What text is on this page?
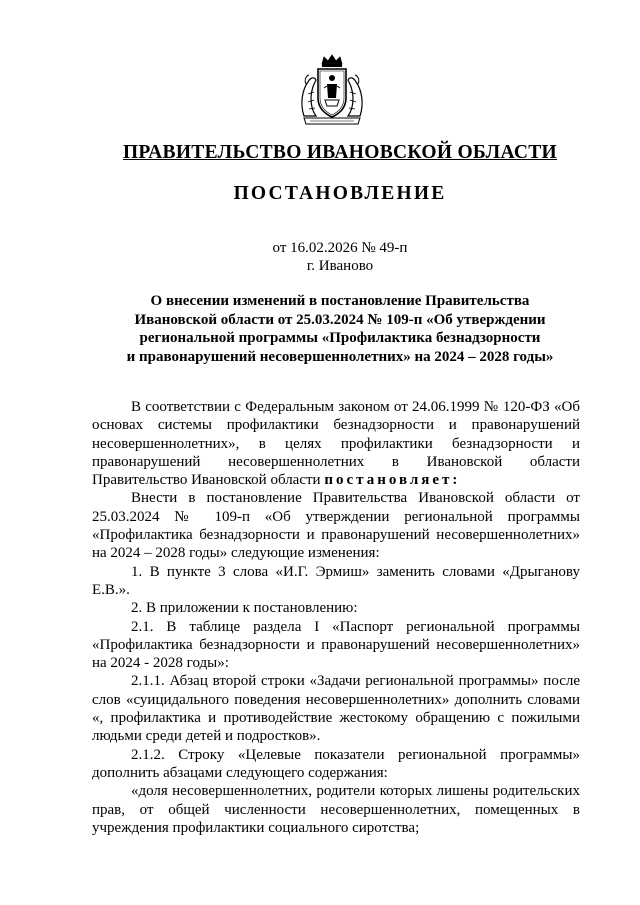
ПРАВИТЕЛЬСТВО ИВАНОВСКОЙ ОБЛАСТИ
ПОСТАНОВЛЕНИЕ
от 16.02.2026 № 49-п
г. Иваново
О внесении изменений в постановление Правительства
Ивановской области от 25.03.2024 № 109-п «Об утверждении
региональной программы «Профилактика безнадзорности
и правонарушений несовершеннолетних» на 2024 – 2028 годы»

В соответствии с Федеральным законом от 24.06.1999 № 120-ФЗ «Об основах системы профилактики безнадзорности и правонарушений несовершеннолетних», в целях профилактики безнадзорности и правонарушений несовершеннолетних в Ивановской области Правительство Ивановской области постановляет:

Внести в постановление Правительства Ивановской области от 25.03.2024 № 109-п «Об утверждении региональной программы «Профилактика безнадзорности и правонарушений несовершеннолетних» на 2024 – 2028 годы» следующие изменения:

1. В пункте 3 слова «И.Г. Эрмиш» заменить словами «Дрыганову Е.В.».

2. В приложении к постановлению:

2.1. В таблице раздела I «Паспорт региональной программы «Профилактика безнадзорности и правонарушений несовершеннолетних» на 2024 - 2028 годы»:

2.1.1. Абзац второй строки «Задачи региональной программы» после слов «суицидального поведения несовершеннолетних» дополнить словами «, профилактика и противодействие жестокому обращению с пожилыми людьми среди детей и подростков».

2.1.2. Строку «Целевые показатели региональной программы» дополнить абзацами следующего содержания:

«доля несовершеннолетних, родители которых лишены родительских прав, от общей численности несовершеннолетних, помещенных в учреждения профилактики социального сиротства;
